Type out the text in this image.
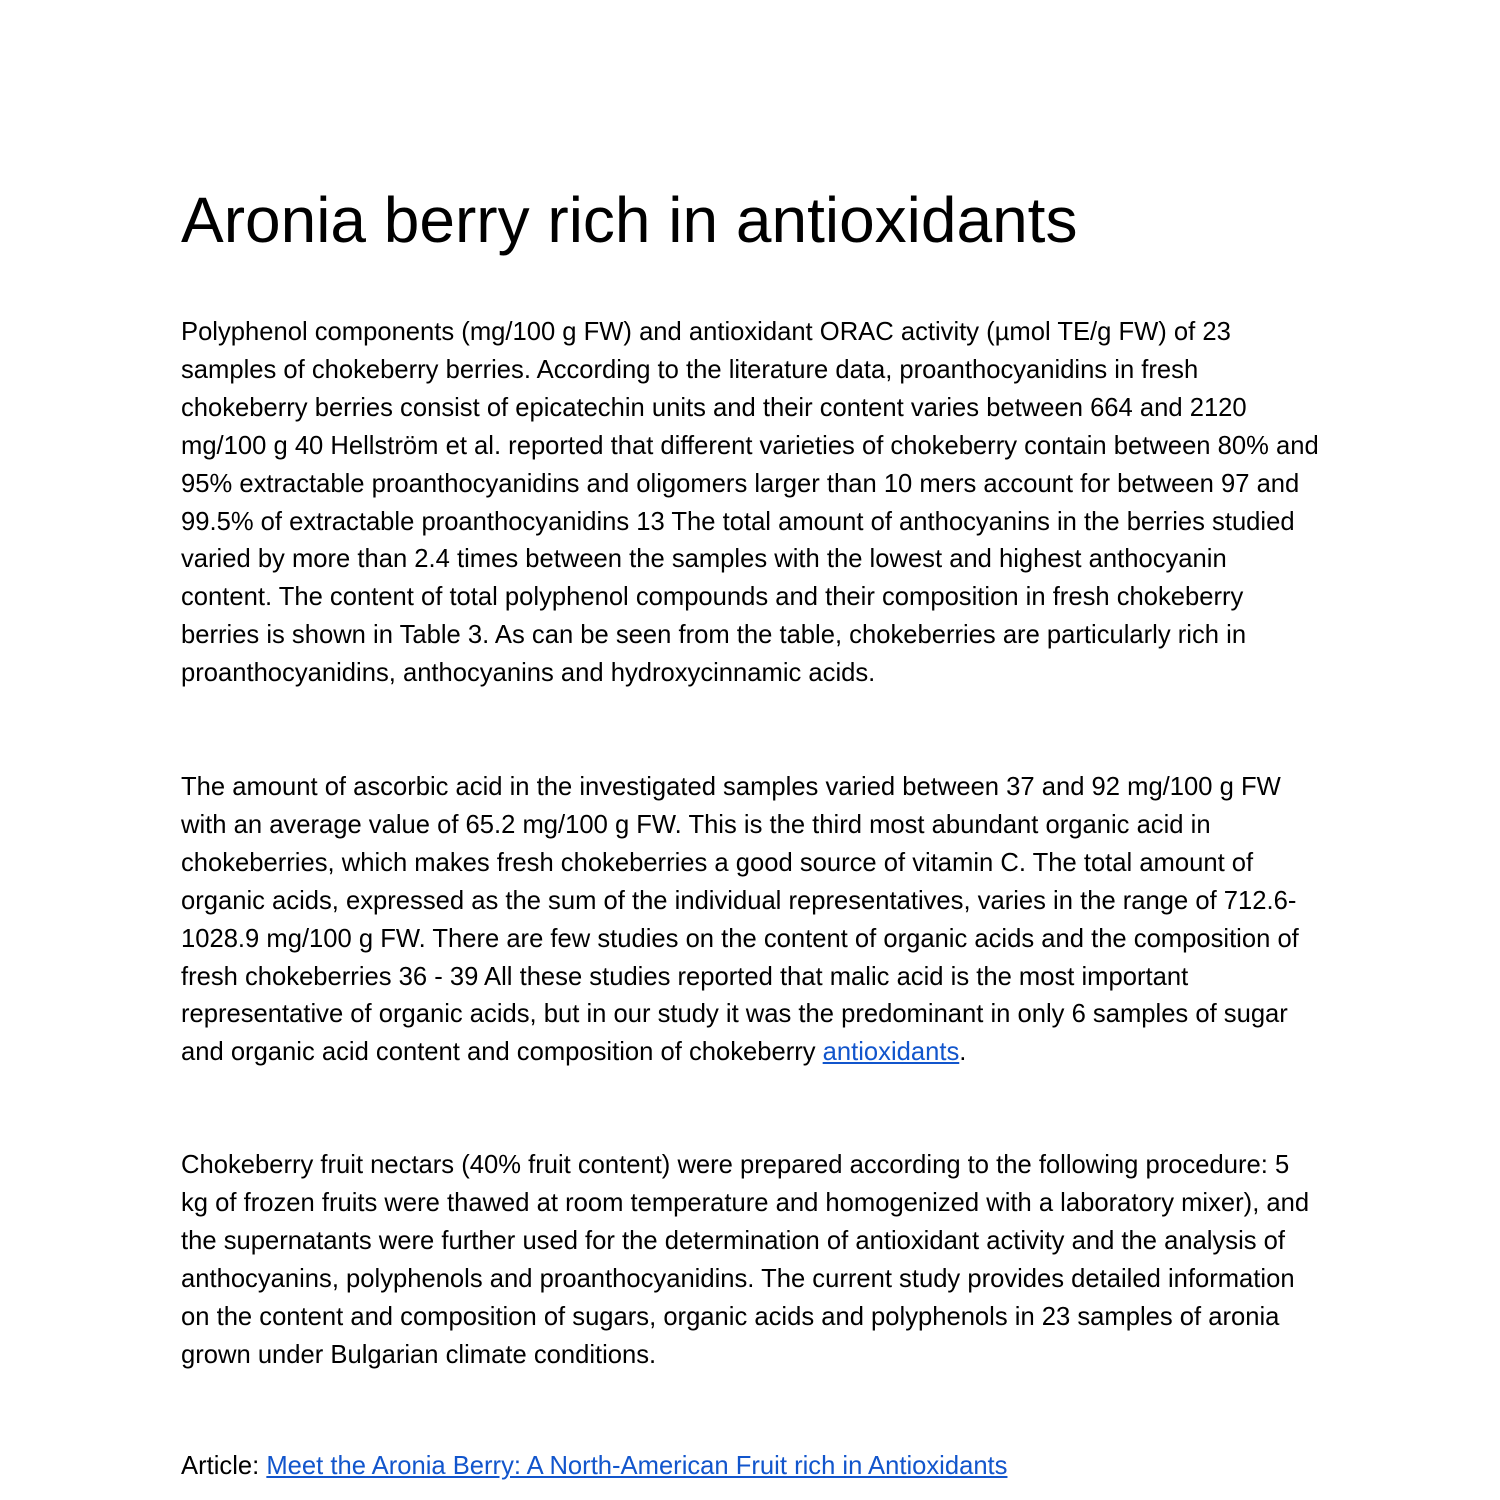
Aronia berry rich in antioxidants

Polyphenol components (mg/100 g FW) and antioxidant ORAC activity (µmol TE/g FW) of 23 samples of chokeberry berries. According to the literature data, proanthocyanidins in fresh chokeberry berries consist of epicatechin units and their content varies between 664 and 2120 mg/100 g 40 Hellström et al. reported that different varieties of chokeberry contain between 80% and 95% extractable proanthocyanidins and oligomers larger than 10 mers account for between 97 and 99.5% of extractable proanthocyanidins 13 The total amount of anthocyanins in the berries studied varied by more than 2.4 times between the samples with the lowest and highest anthocyanin content. The content of total polyphenol compounds and their composition in fresh chokeberry berries is shown in Table 3. As can be seen from the table, chokeberries are particularly rich in proanthocyanidins, anthocyanins and hydroxycinnamic acids.

The amount of ascorbic acid in the investigated samples varied between 37 and 92 mg/100 g FW with an average value of 65.2 mg/100 g FW. This is the third most abundant organic acid in chokeberries, which makes fresh chokeberries a good source of vitamin C. The total amount of organic acids, expressed as the sum of the individual representatives, varies in the range of 712.6-1028.9 mg/100 g FW. There are few studies on the content of organic acids and the composition of fresh chokeberries 36 - 39 All these studies reported that malic acid is the most important representative of organic acids, but in our study it was the predominant in only 6 samples of sugar and organic acid content and composition of chokeberry antioxidants.

Chokeberry fruit nectars (40% fruit content) were prepared according to the following procedure: 5 kg of frozen fruits were thawed at room temperature and homogenized with a laboratory mixer), and the supernatants were further used for the determination of antioxidant activity and the analysis of anthocyanins, polyphenols and proanthocyanidins. The current study provides detailed information on the content and composition of sugars, organic acids and polyphenols in 23 samples of aronia grown under Bulgarian climate conditions.

Article: Meet the Aronia Berry: A North-American Fruit rich in Antioxidants
